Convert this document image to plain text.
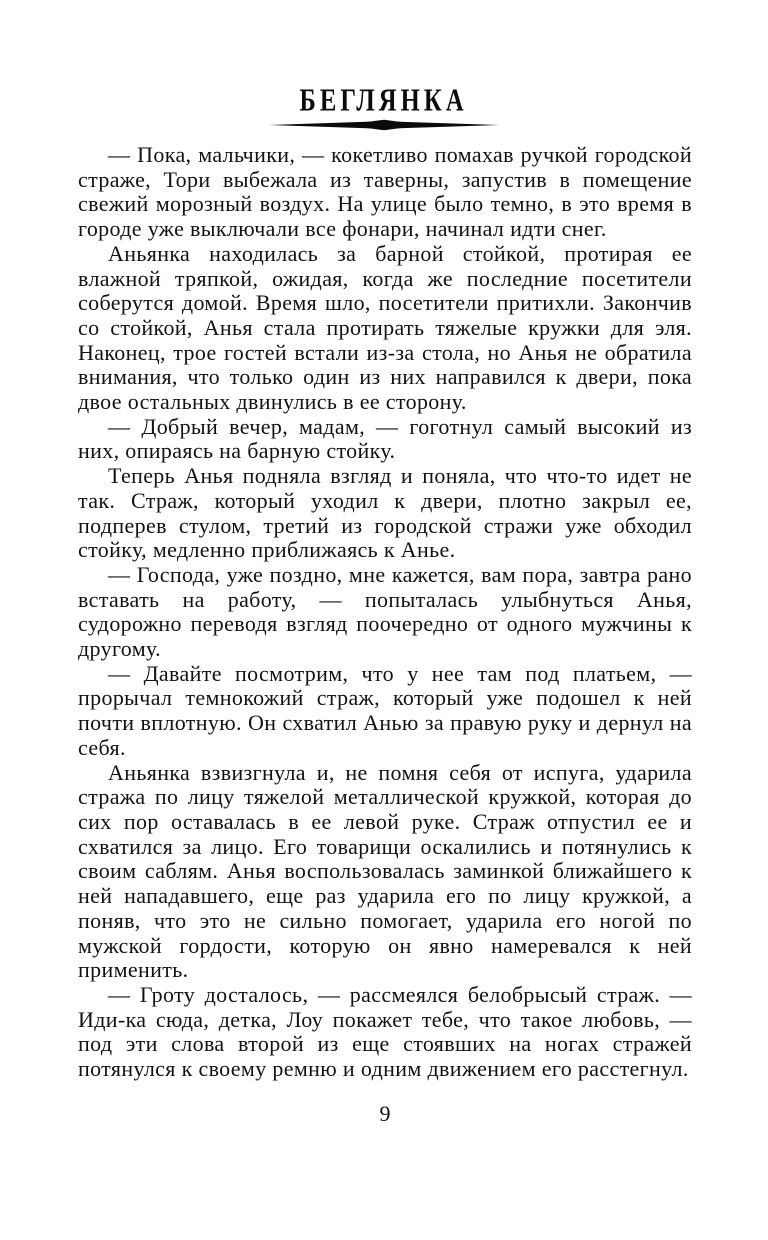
БЕГЛЯНКА

— Пока, мальчики, — кокетливо помахав ручкой городской страже, Тори выбежала из таверны, запустив в помещение свежий морозный воздух. На улице было темно, в это время в городе уже выключали все фонари, начинал идти снег.

Аньянка находилась за барной стойкой, протирая ее влажной тряпкой, ожидая, когда же последние посетители соберутся домой. Время шло, посетители притихли. Закончив со стойкой, Анья стала протирать тяжелые кружки для эля. Наконец, трое гостей встали из-за стола, но Анья не обратила внимания, что только один из них направился к двери, пока двое остальных двинулись в ее сторону.

— Добрый вечер, мадам, — гоготнул самый высокий из них, опираясь на барную стойку.

Теперь Анья подняла взгляд и поняла, что что-то идет не так. Страж, который уходил к двери, плотно закрыл ее, подперев стулом, третий из городской стражи уже обходил стойку, медленно приближаясь к Анье.

— Господа, уже поздно, мне кажется, вам пора, завтра рано вставать на работу, — попыталась улыбнуться Анья, судорожно переводя взгляд поочередно от одного мужчины к другому.

— Давайте посмотрим, что у нее там под платьем, — прорычал темнокожий страж, который уже подошел к ней почти вплотную. Он схватил Анью за правую руку и дернул на себя.

Аньянка взвизгнула и, не помня себя от испуга, ударила стража по лицу тяжелой металлической кружкой, которая до сих пор оставалась в ее левой руке. Страж отпустил ее и схватился за лицо. Его товарищи оскалились и потянулись к своим саблям. Анья воспользовалась заминкой ближайшего к ней нападавшего, еще раз ударила его по лицу кружкой, а поняв, что это не сильно помогает, ударила его ногой по мужской гордости, которую он явно намеревался к ней применить.

— Гроту досталось, — рассмеялся белобрысый страж. — Иди-ка сюда, детка, Лоу покажет тебе, что такое любовь, — под эти слова второй из еще стоявших на ногах стражей потянулся к своему ремню и одним движением его расстегнул.

9
